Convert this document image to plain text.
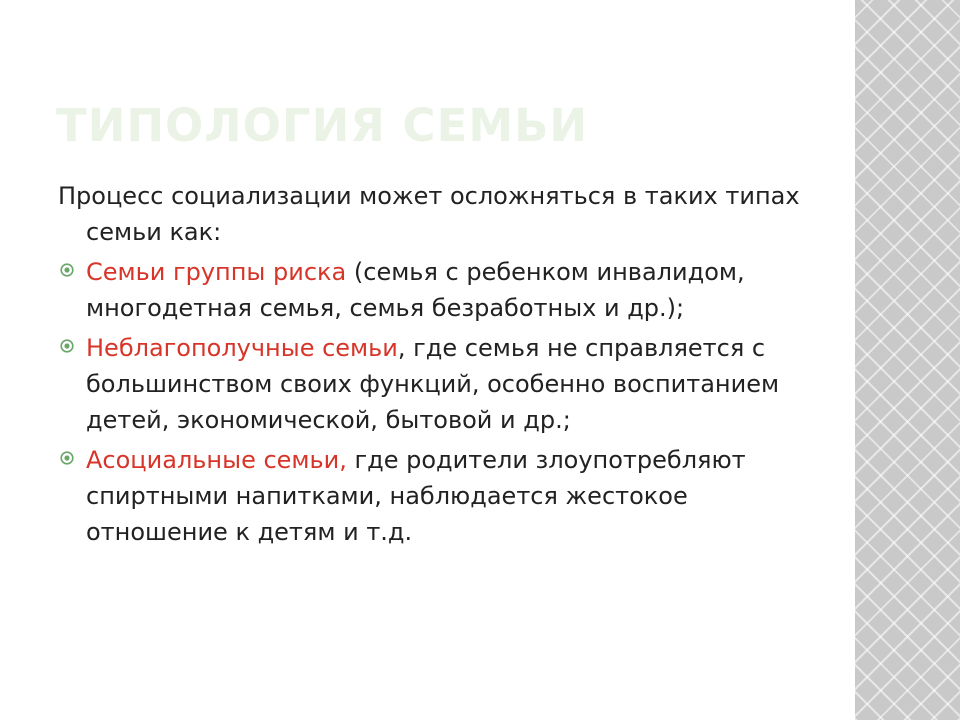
ТИПОЛОГИЯ СЕМЬИ

Процесс социализации может осложняться в таких типах семьи как:

Семьи группы риска (семья с ребенком инвалидом, многодетная семья, семья безработных и др.);
Неблагополучные семьи, где семья не справляется с большинством своих функций, особенно воспитанием детей, экономической, бытовой и др.;
Асоциальные семьи, где родители злоупотребляют спиртными напитками, наблюдается жестокое отношение к детям и т.д.
